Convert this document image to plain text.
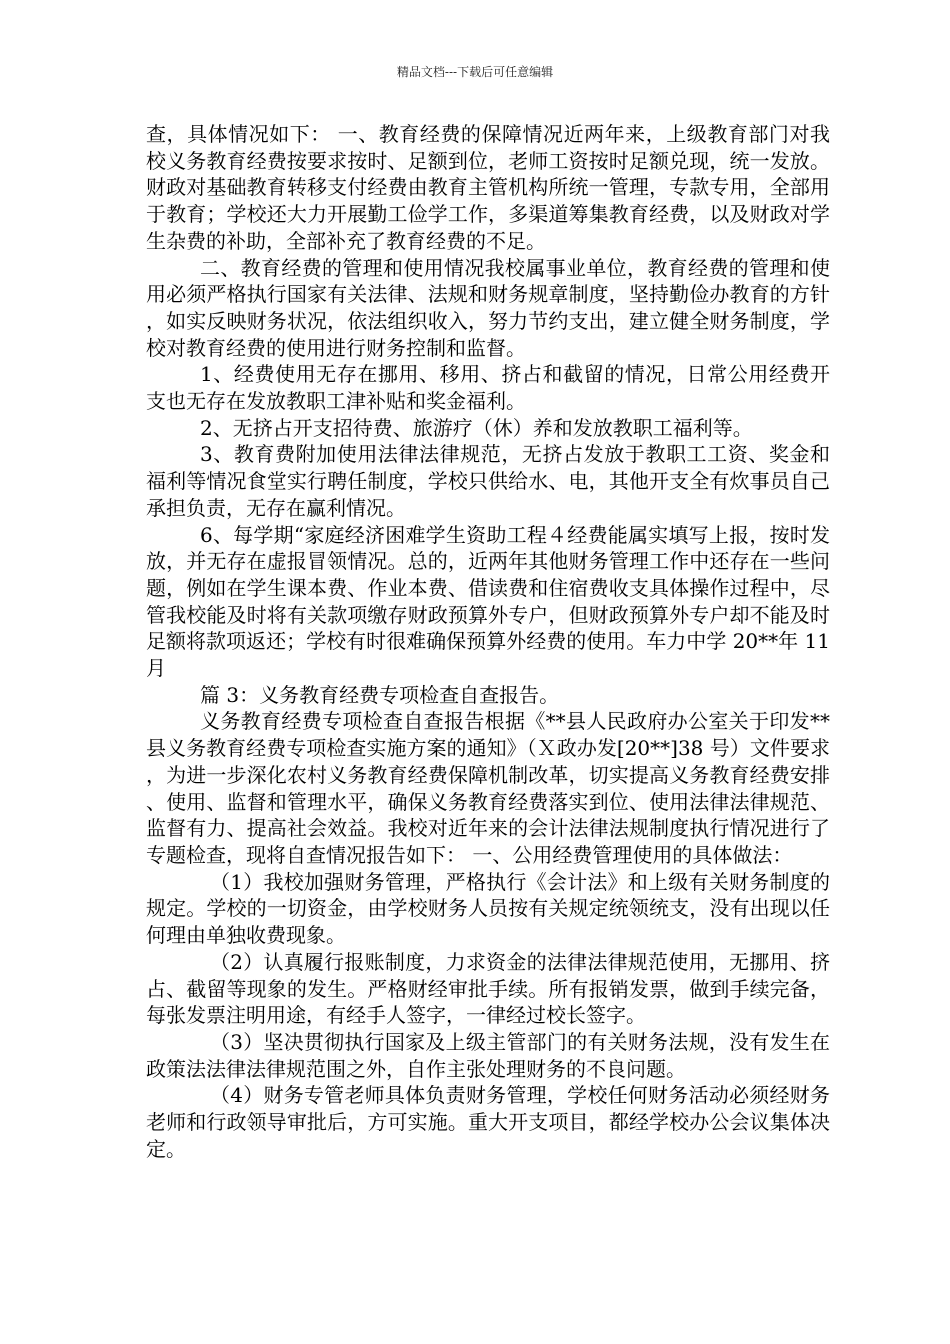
精品文档---下载后可任意编辑

查，具体情况如下： 一、教育经费的保障情况近两年来，上级教育部门对我校义务教育经费按要求按时、足额到位，老师工资按时足额兑现，统一发放。财政对基础教育转移支付经费由教育主管机构所统一管理，专款专用，全部用于教育；学校还大力开展勤工俭学工作，多渠道筹集教育经费，以及财政对学生杂费的补助，全部补充了教育经费的不足。

二、教育经费的管理和使用情况我校属事业单位，教育经费的管理和使用必须严格执行国家有关法律、法规和财务规章制度，坚持勤俭办教育的方针，如实反映财务状况，依法组织收入，努力节约支出，建立健全财务制度，学校对教育经费的使用进行财务控制和监督。

1、经费使用无存在挪用、移用、挤占和截留的情况，日常公用经费开支也无存在发放教职工津补贴和奖金福利。

2、无挤占开支招待费、旅游疗（休）养和发放教职工福利等。

3、教育费附加使用法律法律规范，无挤占发放于教职工工资、奖金和福利等情况食堂实行聘任制度，学校只供给水、电，其他开支全有炊事员自己承担负责，无存在赢利情况。

6、每学期“家庭经济困难学生资助工程４经费能属实填写上报，按时发放，并无存在虚报冒领情况。总的，近两年其他财务管理工作中还存在一些问题，例如在学生课本费、作业本费、借读费和住宿费收支具体操作过程中，尽管我校能及时将有关款项缴存财政预算外专户，但财政预算外专户却不能及时足额将款项返还；学校有时很难确保预算外经费的使用。车力中学 20**年 11 月

篇 3：义务教育经费专项检查自查报告。

义务教育经费专项检查自查报告根据《**县人民政府办公室关于印发**县义务教育经费专项检查实施方案的通知》（Ｘ政办发[20**]38 号）文件要求，为进一步深化农村义务教育经费保障机制改革，切实提高义务教育经费安排、使用、监督和管理水平，确保义务教育经费落实到位、使用法律法律规范、监督有力、提高社会效益。我校对近年来的会计法律法规制度执行情况进行了专题检查，现将自查情况报告如下： 一、公用经费管理使用的具体做法：

（1）我校加强财务管理，严格执行《会计法》和上级有关财务制度的规定。学校的一切资金，由学校财务人员按有关规定统领统支，没有出现以任何理由单独收费现象。

（2）认真履行报账制度，力求资金的法律法律规范使用，无挪用、挤占、截留等现象的发生。严格财经审批手续。所有报销发票，做到手续完备，每张发票注明用途，有经手人签字，一律经过校长签字。

（3）坚决贯彻执行国家及上级主管部门的有关财务法规，没有发生在政策法法律法律规范围之外，自作主张处理财务的不良问题。

（4）财务专管老师具体负责财务管理，学校任何财务活动必须经财务老师和行政领导审批后，方可实施。重大开支项目，都经学校办公会议集体决定。
